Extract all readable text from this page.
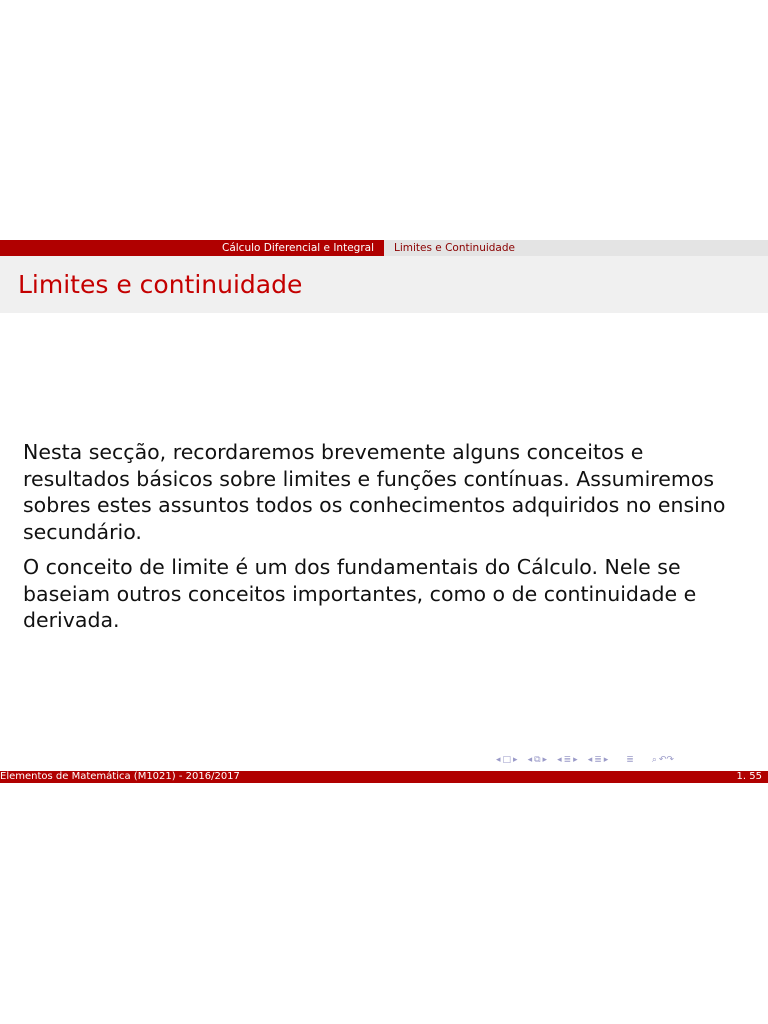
Cálculo Diferencial e Integral	Limites e Continuidade
Limites e continuidade

Nesta secção, recordaremos brevemente alguns conceitos e resultados básicos sobre limites e funções contínuas. Assumiremos sobres estes assuntos todos os conhecimentos adquiridos no ensino secundário.

O conceito de limite é um dos fundamentais do Cálculo. Nele se baseiam outros conceitos importantes, como o de continuidade e derivada.

◂ □ ▸ ◂ ⧉ ▸ ◂ ≣ ▸ ◂ ≣ ▸ ≣ ⌕ ↶↷
Elementos de Matemática (M1021) - 2016/2017	1. 55
